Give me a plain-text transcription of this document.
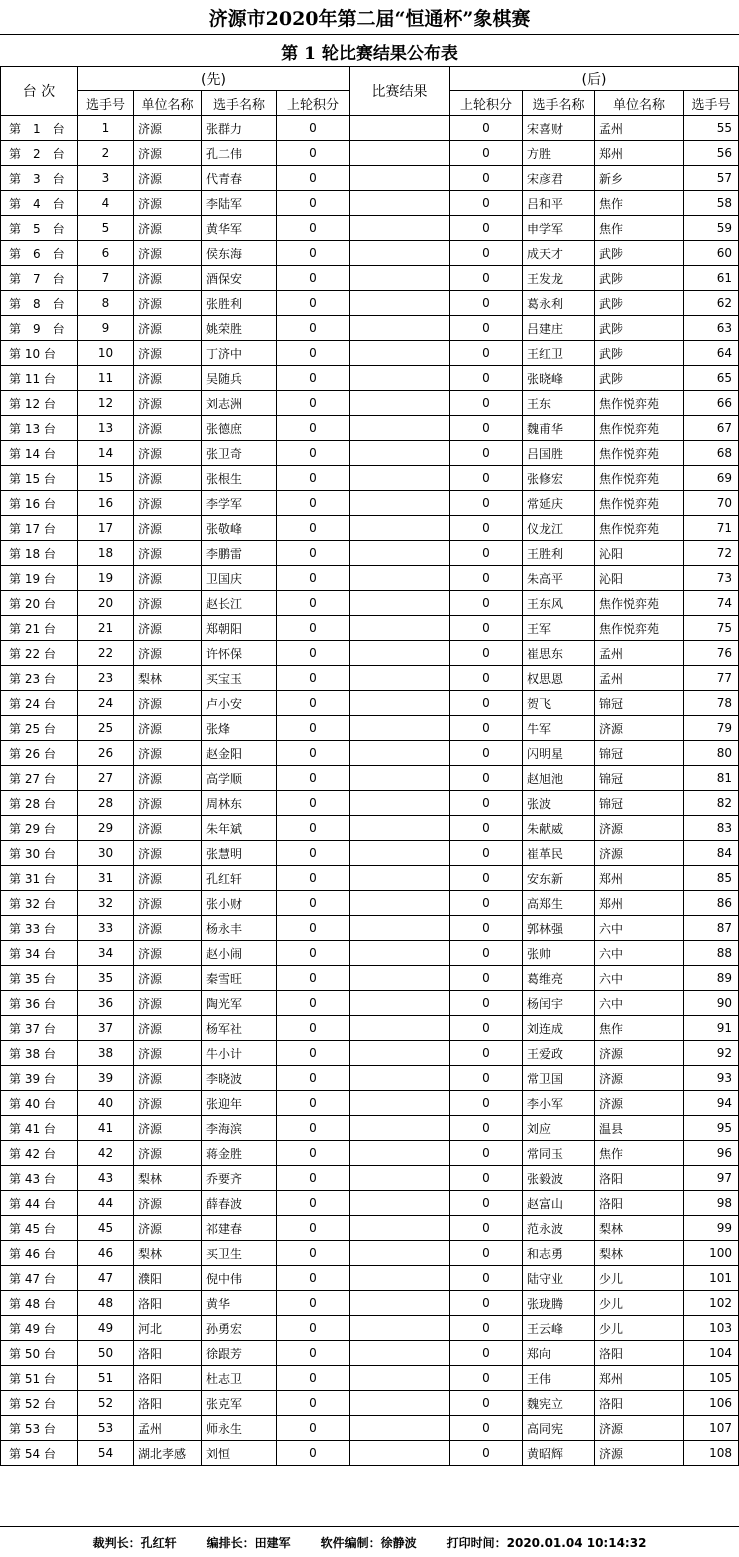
济源市2020年第二届“恒通杯”象棋赛
第 1 轮比赛结果公布表
台 次	(先)				比赛结果	(后)			
	选手号	单位名称	选手名称	上轮积分		上轮积分	选手名称	单位名称	选手号
第　1　台	1	济源	张群力	0		0	宋喜财	孟州	55
第　2　台	2	济源	孔二伟	0		0	方胜	郑州	56
第　3　台	3	济源	代青春	0		0	宋彦君	新乡	57
第　4　台	4	济源	李陆军	0		0	吕和平	焦作	58
第　5　台	5	济源	黄华军	0		0	申学军	焦作	59
第　6　台	6	济源	侯东海	0		0	成天才	武陟	60
第　7　台	7	济源	酒保安	0		0	王发龙	武陟	61
第　8　台	8	济源	张胜利	0		0	葛永利	武陟	62
第　9　台	9	济源	姚荣胜	0		0	吕建庄	武陟	63
第 10 台	10	济源	丁济中	0		0	王红卫	武陟	64
第 11 台	11	济源	吴随兵	0		0	张晓峰	武陟	65
第 12 台	12	济源	刘志洲	0		0	王东	焦作悦弈苑	66
第 13 台	13	济源	张德庶	0		0	魏甫华	焦作悦弈苑	67
第 14 台	14	济源	张卫奇	0		0	吕国胜	焦作悦弈苑	68
第 15 台	15	济源	张根生	0		0	张修宏	焦作悦弈苑	69
第 16 台	16	济源	李学军	0		0	常延庆	焦作悦弈苑	70
第 17 台	17	济源	张敬峰	0		0	仪龙江	焦作悦弈苑	71
第 18 台	18	济源	李鹏雷	0		0	王胜利	沁阳	72
第 19 台	19	济源	卫国庆	0		0	朱高平	沁阳	73
第 20 台	20	济源	赵长江	0		0	王东风	焦作悦弈苑	74
第 21 台	21	济源	郑朝阳	0		0	王军	焦作悦弈苑	75
第 22 台	22	济源	许怀保	0		0	崔思东	孟州	76
第 23 台	23	梨林	买宝玉	0		0	权思恩	孟州	77
第 24 台	24	济源	卢小安	0		0	贺飞	锦冠	78
第 25 台	25	济源	张烽	0		0	牛军	济源	79
第 26 台	26	济源	赵金阳	0		0	闪明星	锦冠	80
第 27 台	27	济源	高学顺	0		0	赵旭池	锦冠	81
第 28 台	28	济源	周林东	0		0	张波	锦冠	82
第 29 台	29	济源	朱年斌	0		0	朱献威	济源	83
第 30 台	30	济源	张慧明	0		0	崔革民	济源	84
第 31 台	31	济源	孔红轩	0		0	安东新	郑州	85
第 32 台	32	济源	张小财	0		0	高郑生	郑州	86
第 33 台	33	济源	杨永丰	0		0	郭林强	六中	87
第 34 台	34	济源	赵小闹	0		0	张帅	六中	88
第 35 台	35	济源	秦雪旺	0		0	葛维亮	六中	89
第 36 台	36	济源	陶光军	0		0	杨闰宇	六中	90
第 37 台	37	济源	杨军社	0		0	刘连成	焦作	91
第 38 台	38	济源	牛小计	0		0	王爱政	济源	92
第 39 台	39	济源	李晓波	0		0	常卫国	济源	93
第 40 台	40	济源	张迎年	0		0	李小军	济源	94
第 41 台	41	济源	李海滨	0		0	刘应	温县	95
第 42 台	42	济源	蒋金胜	0		0	常同玉	焦作	96
第 43 台	43	梨林	乔要齐	0		0	张毅波	洛阳	97
第 44 台	44	济源	薛春波	0		0	赵富山	洛阳	98
第 45 台	45	济源	祁建春	0		0	范永波	梨林	99
第 46 台	46	梨林	买卫生	0		0	和志勇	梨林	100
第 47 台	47	濮阳	倪中伟	0		0	陆守业	少儿	101
第 48 台	48	洛阳	黄华	0		0	张珑腾	少儿	102
第 49 台	49	河北	孙勇宏	0		0	王云峰	少儿	103
第 50 台	50	洛阳	徐跟芳	0		0	郑向	洛阳	104
第 51 台	51	洛阳	杜志卫	0		0	王伟	郑州	105
第 52 台	52	洛阳	张克军	0		0	魏宪立	洛阳	106
第 53 台	53	孟州	师永生	0		0	高同宪	济源	107
第 54 台	54	湖北孝感	刘恒	0		0	黄昭辉	济源	108
裁判长：孔红轩	编排长：田建军	软件编制：徐静波	打印时间：2020.01.04 10:14:32
